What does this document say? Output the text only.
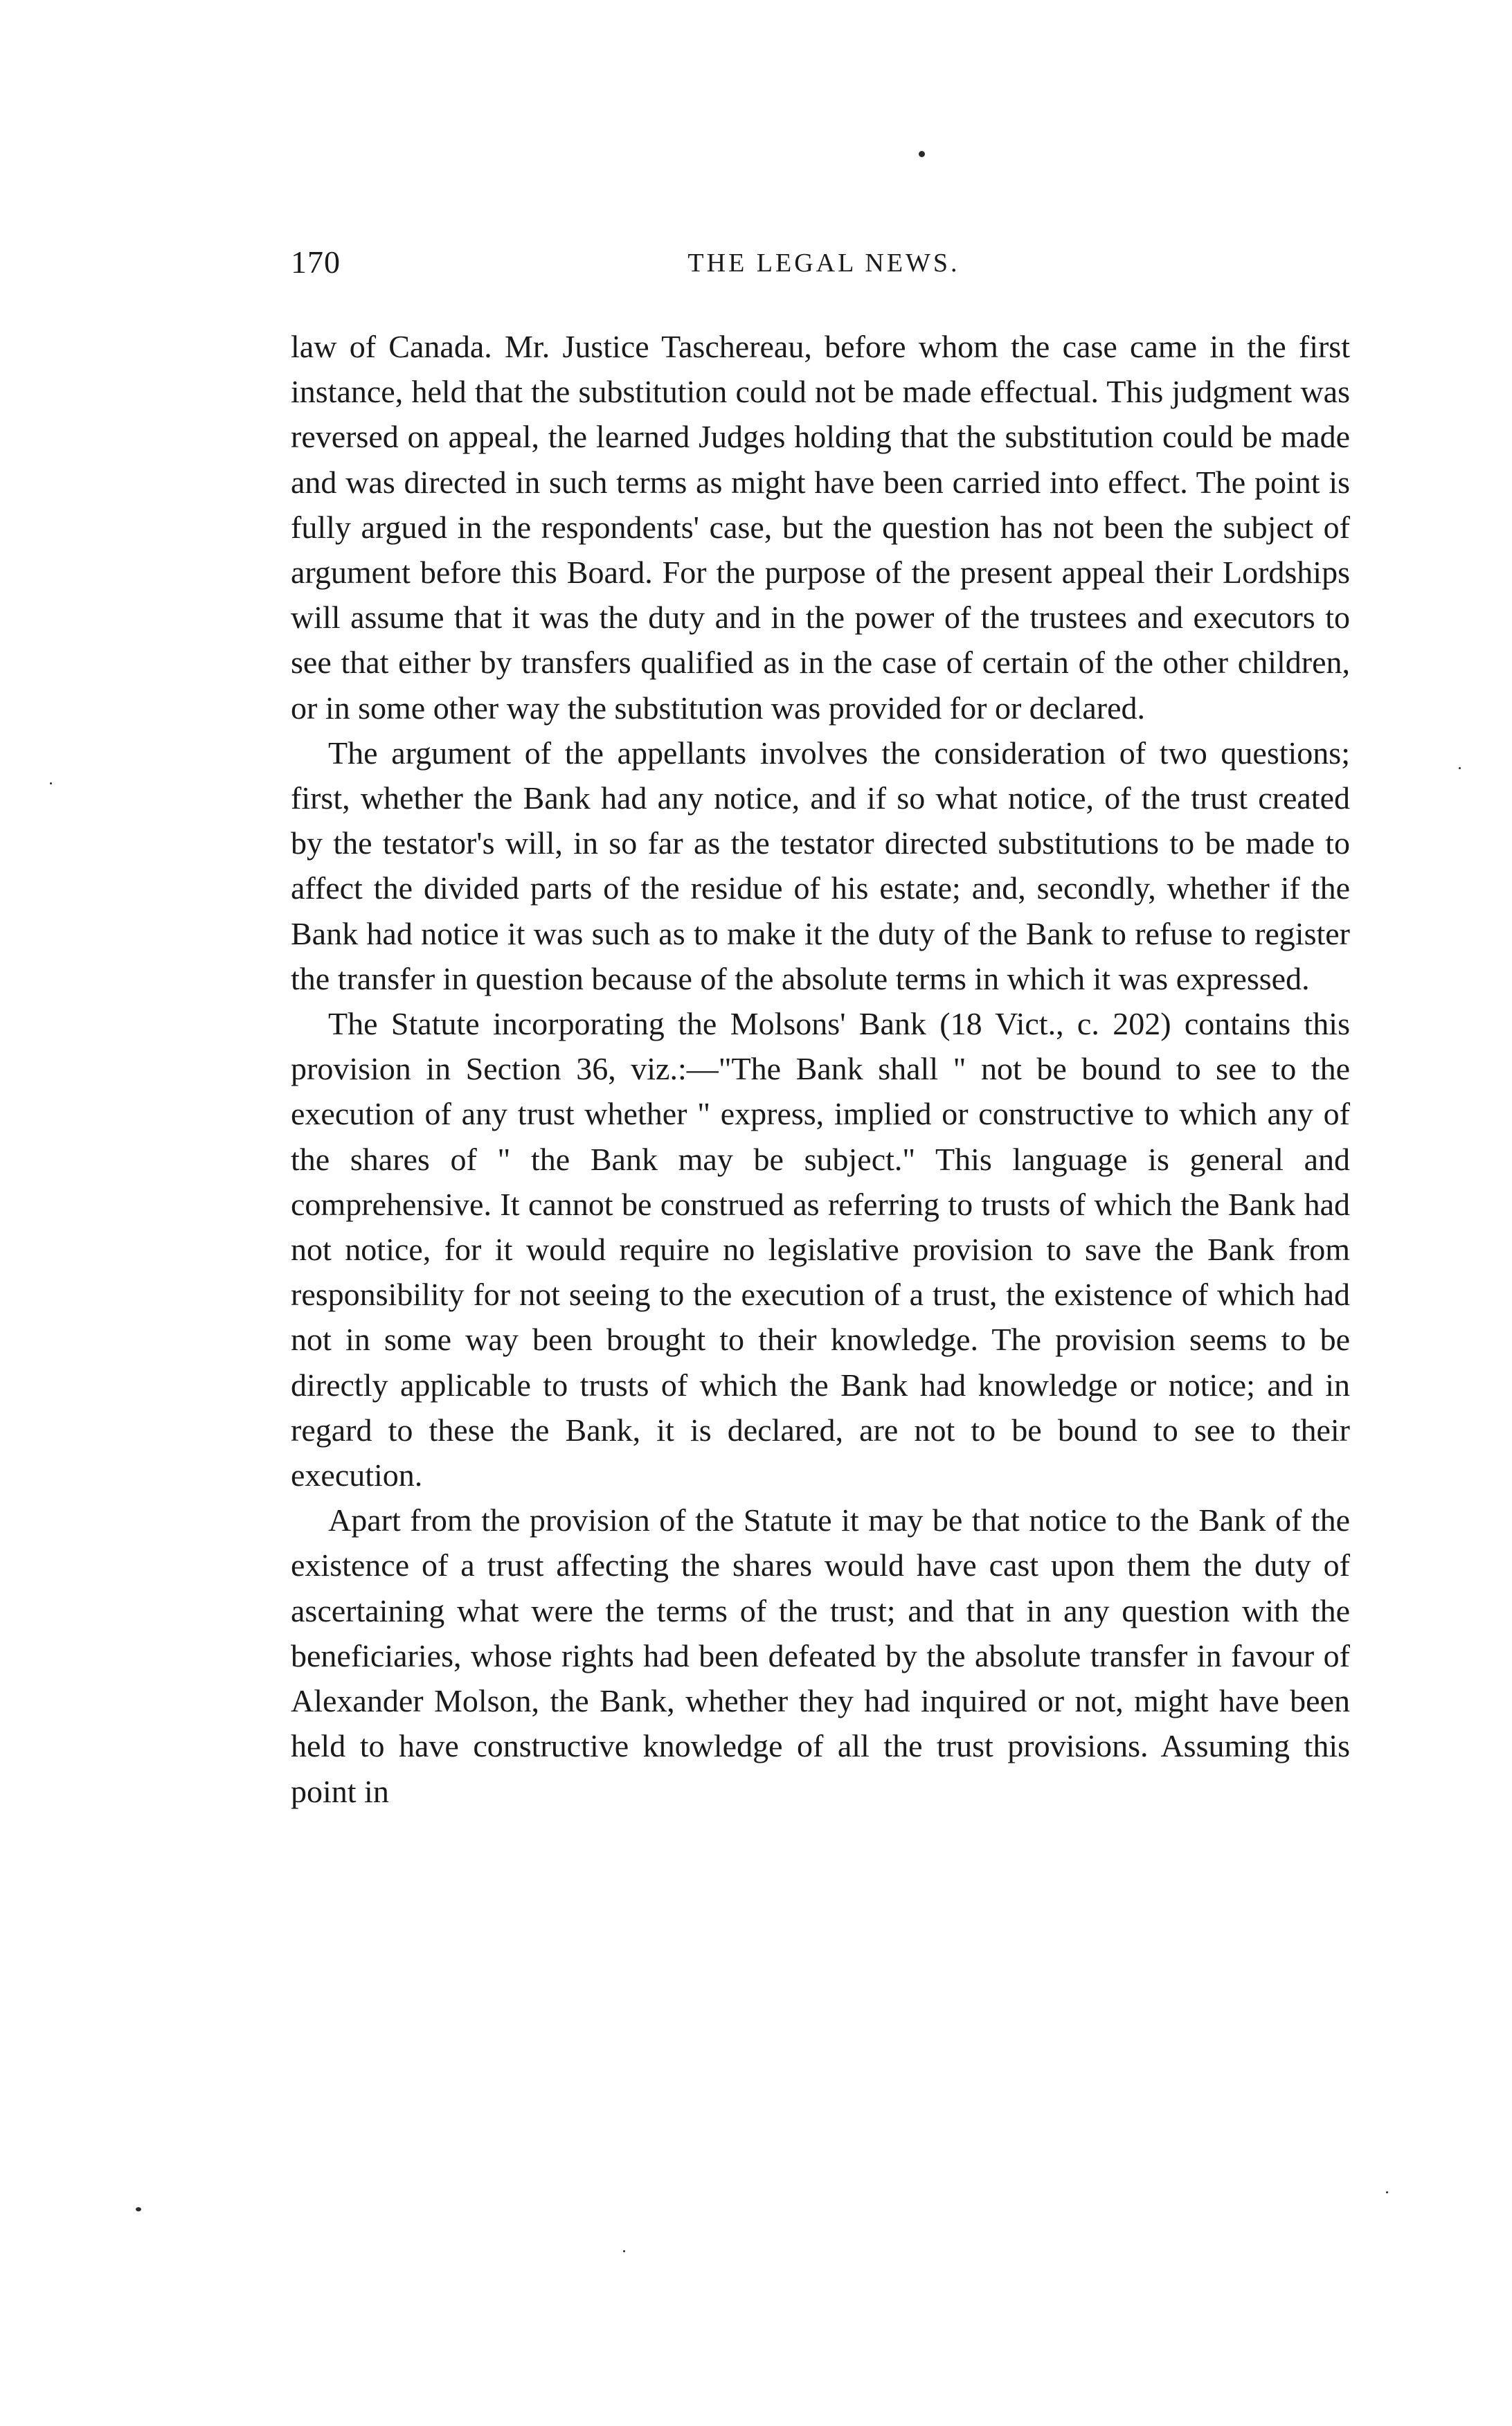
170	THE LEGAL NEWS.

law of Canada. Mr. Justice Taschereau, before whom the case came in the first instance, held that the substitution could not be made effectual. This judgment was reversed on appeal, the learned Judges holding that the substitution could be made and was directed in such terms as might have been carried into effect. The point is fully argued in the respondents' case, but the question has not been the subject of argument before this Board. For the purpose of the present appeal their Lordships will assume that it was the duty and in the power of the trustees and executors to see that either by transfers qualified as in the case of certain of the other children, or in some other way the substitution was provided for or declared.

The argument of the appellants involves the consideration of two questions; first, whether the Bank had any notice, and if so what notice, of the trust created by the testator's will, in so far as the testator directed substitutions to be made to affect the divided parts of the residue of his estate; and, secondly, whether if the Bank had notice it was such as to make it the duty of the Bank to refuse to register the transfer in question because of the absolute terms in which it was expressed.

The Statute incorporating the Molsons' Bank (18 Vict., c. 202) contains this provision in Section 36, viz.:—"The Bank shall " not be bound to see to the execution of any trust whether " express, implied or constructive to which any of the shares of " the Bank may be subject." This language is general and comprehensive. It cannot be construed as referring to trusts of which the Bank had not notice, for it would require no legislative provision to save the Bank from responsibility for not seeing to the execution of a trust, the existence of which had not in some way been brought to their knowledge. The provision seems to be directly applicable to trusts of which the Bank had knowledge or notice; and in regard to these the Bank, it is declared, are not to be bound to see to their execution.

Apart from the provision of the Statute it may be that notice to the Bank of the existence of a trust affecting the shares would have cast upon them the duty of ascertaining what were the terms of the trust; and that in any question with the beneficiaries, whose rights had been defeated by the absolute transfer in favour of Alexander Molson, the Bank, whether they had inquired or not, might have been held to have constructive knowledge of all the trust provisions. Assuming this point in
